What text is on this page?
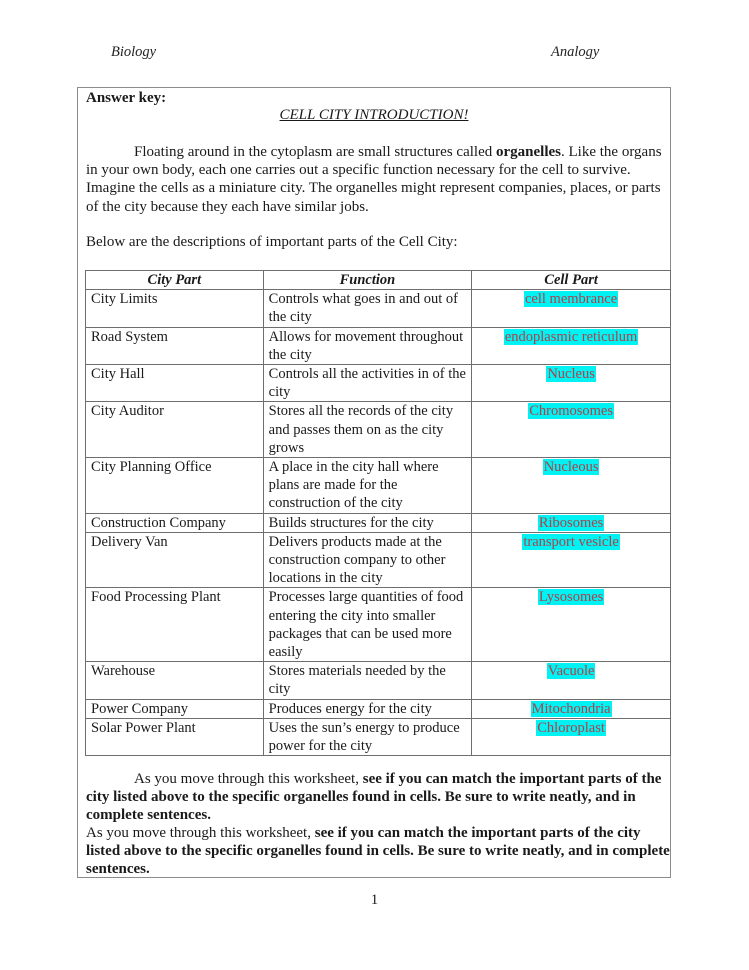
Biology	Analogy
Answer key:
CELL CITY INTRODUCTION!

Floating around in the cytoplasm are small structures called organelles. Like the organs in your own body, each one carries out a specific function necessary for the cell to survive. Imagine the cells as a miniature city. The organelles might represent companies, places, or parts of the city because they each have similar jobs.

Below are the descriptions of important parts of the Cell City:

City Part	Function	Cell Part
City Limits	Controls what goes in and out of the city	cell membrance
Road System	Allows for movement throughout the city	endoplasmic reticulum
City Hall	Controls all the activities in of the city	Nucleus
City Auditor	Stores all the records of the city and passes them on as the city grows	Chromosomes
City Planning Office	A place in the city hall where plans are made for the construction of the city	Nucleous
Construction Company	Builds structures for the city	Ribosomes
Delivery Van	Delivers products made at the construction company to other locations in the city	transport vesicle
Food Processing Plant	Processes large quantities of food entering the city into smaller packages that can be used more easily	Lysosomes
Warehouse	Stores materials needed by the city	Vacuole
Power Company	Produces energy for the city	Mitochondria
Solar Power Plant	Uses the sun’s energy to produce power for the city	Chloroplast

As you move through this worksheet, see if you can match the important parts of the city listed above to the specific organelles found in cells. Be sure to write neatly, and in complete sentences.

As you move through this worksheet, see if you can match the important parts of the city listed above to the specific organelles found in cells. Be sure to write neatly, and in complete sentences.

1
